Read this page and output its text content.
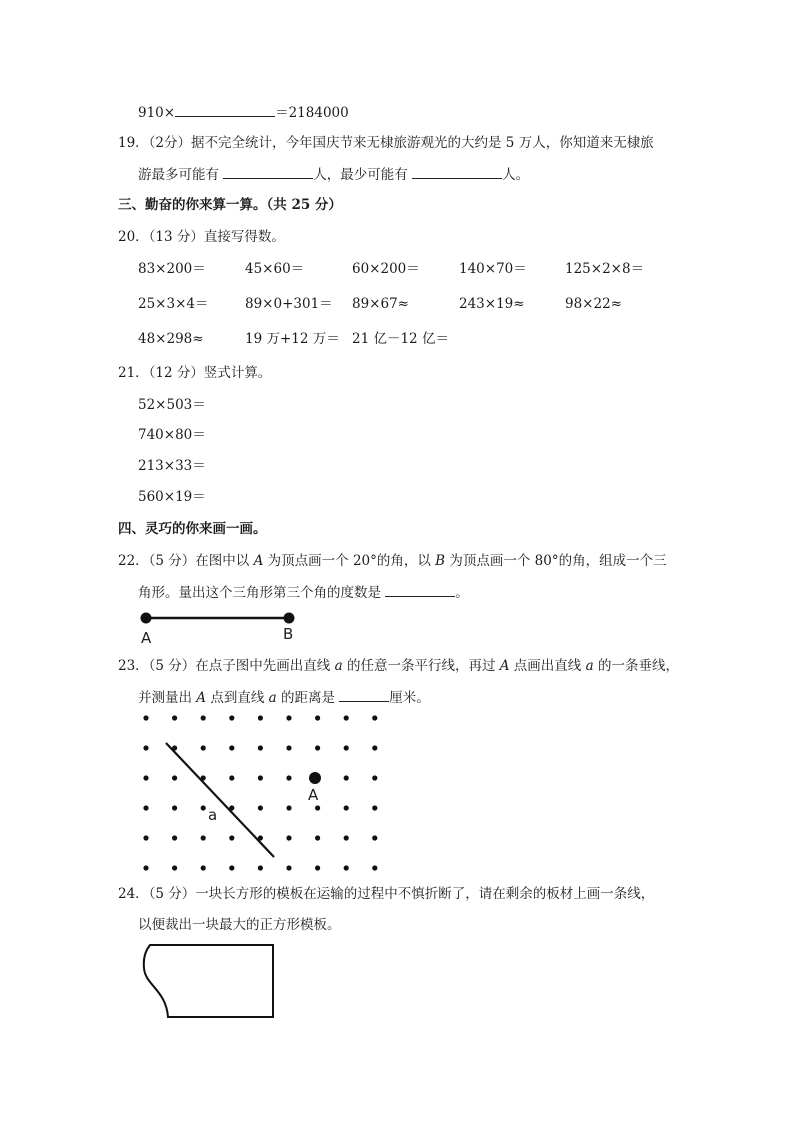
910×	＝2184000
19．（2分）据不完全统计，今年国庆节来无棣旅游观光的大约是 5 万人，你知道来无棣旅
游最多可能有	人，最少可能有	人。
三、勤奋的你来算一算。（共 25 分）
20．（13 分）直接写得数。
83×200＝	45×60＝	60×200＝	140×70＝	125×2×8＝
25×3×4＝	89×0+301＝ 89×67≈	243×19≈	98×22≈
48×298≈	19 万+12 万＝ 21 亿－12 亿＝
21．（12 分）竖式计算。
52×503＝
740×80＝
213×33＝
560×19＝
四、灵巧的你来画一画。
22．（5 分）在图中以 A 为顶点画一个 20°的角，以 B 为顶点画一个 80°的角，组成一个三
角形。量出这个三角形第三个角的度数是	。
A	B
23．（5 分）在点子图中先画出直线 a 的任意一条平行线，再过 A 点画出直线 a 的一条垂线，
并测量出 A 点到直线 a 的距离是	厘米。
a
A
24．（5 分）一块长方形的模板在运输的过程中不慎折断了，请在剩余的板材上画一条线，
以便裁出一块最大的正方形模板。
